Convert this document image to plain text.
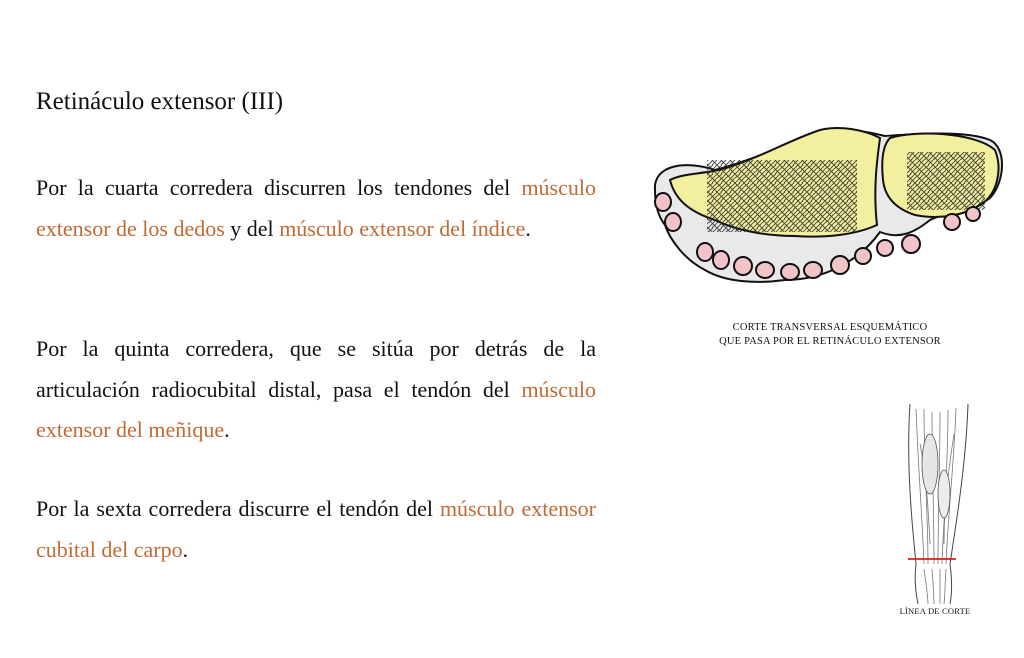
Retináculo extensor (III)

Por la cuarta corredera discurren los tendones del músculo extensor de los dedos y del músculo extensor del índice.

Por la quinta corredera, que se sitúa por detrás de la articulación radiocubital distal, pasa el tendón del músculo extensor del meñique.

Por la sexta corredera discurre el tendón del músculo extensor cubital del carpo.

CORTE TRANSVERSAL ESQUEMÁTICO
QUE PASA POR EL RETINÁCULO EXTENSOR
LÍNEA DE CORTE
